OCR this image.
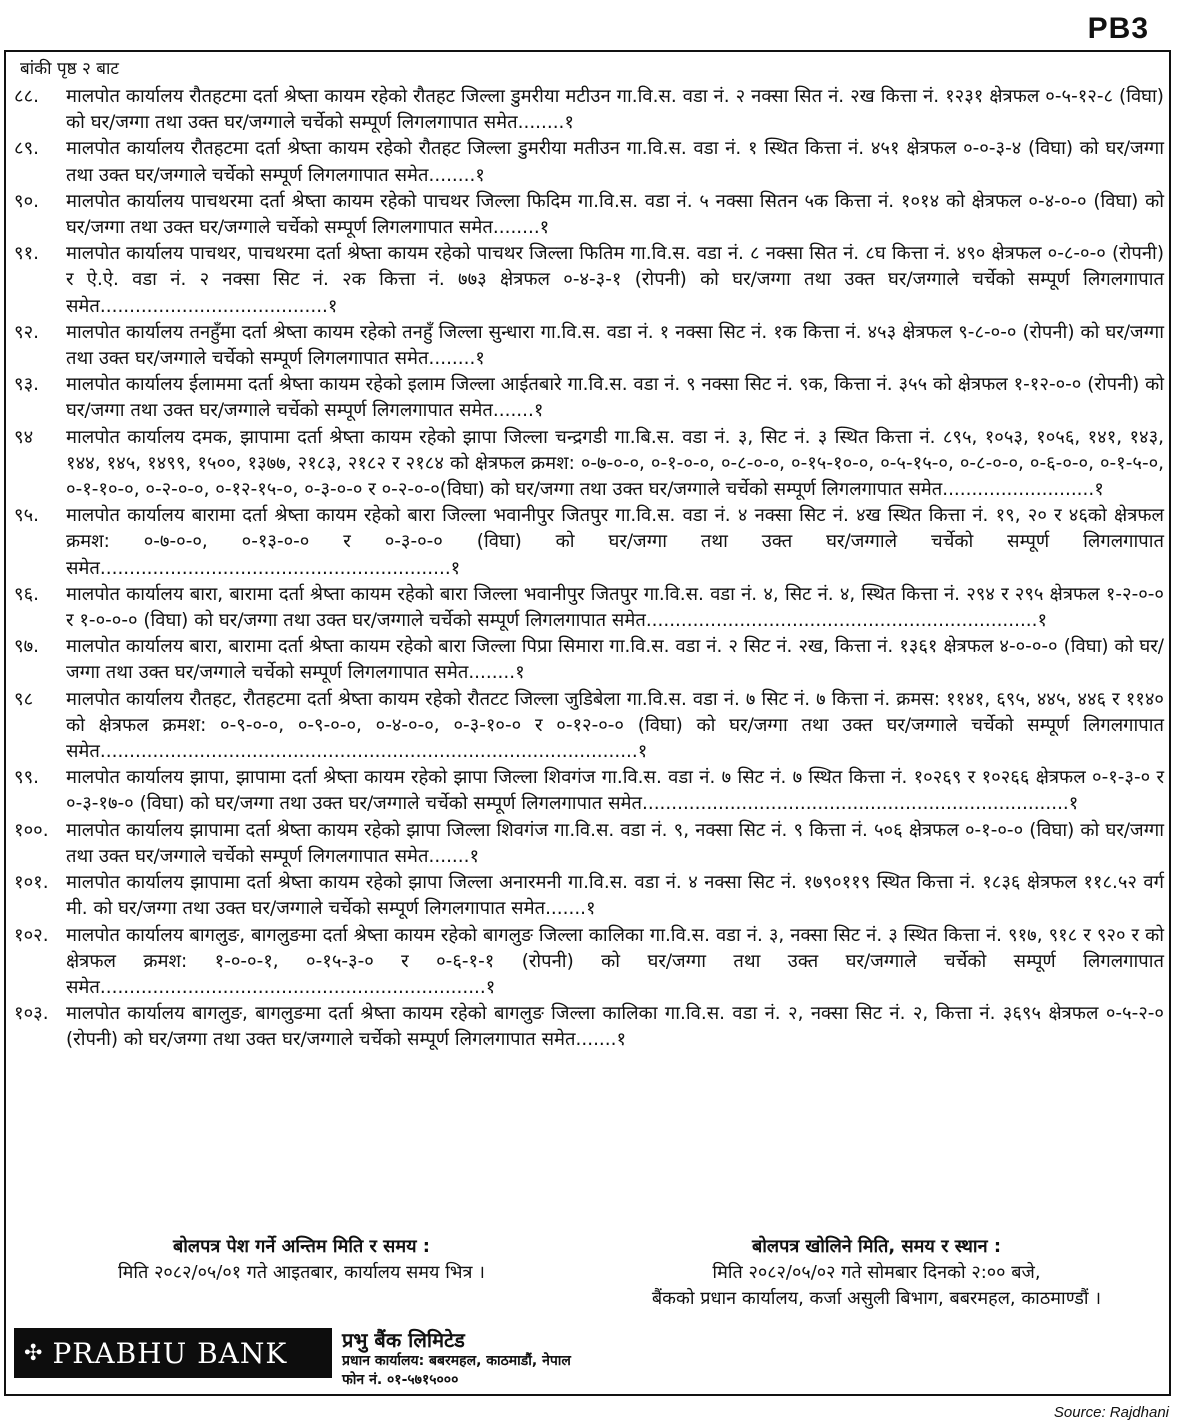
PB3
बांकी पृष्ठ २ बाट
८८.	मालपोत कार्यालय रौतहटमा दर्ता श्रेष्ता कायम रहेको रौतहट जिल्ला डुमरीया मटीउन गा.वि.स. वडा नं. २ नक्सा सित नं. २ख कित्ता नं. १२३१ क्षेत्रफल ०-५-१२-८ (विघा) को घर/जग्गा तथा उक्त घर/जग्गाले चर्चेको सम्पूर्ण लिगलगापात समेत........१
८९.	मालपोत कार्यालय रौतहटमा दर्ता श्रेष्ता कायम रहेको रौतहट जिल्ला डुमरीया मतीउन गा.वि.स. वडा नं. १ स्थित कित्ता नं. ४५१ क्षेत्रफल ०-०-३-४ (विघा) को घर/जग्गा तथा उक्त घर/जग्गाले चर्चेको सम्पूर्ण लिगलगापात समेत........१
९०.	मालपोत कार्यालय पाचथरमा दर्ता श्रेष्ता कायम रहेको पाचथर जिल्ला फिदिम गा.वि.स. वडा नं. ५ नक्सा सितन ५क कित्ता नं. १०१४ को क्षेत्रफल ०-४-०-० (विघा) को घर/जग्गा तथा उक्त घर/जग्गाले चर्चेको सम्पूर्ण लिगलगापात समेत........१
९१.	मालपोत कार्यालय पाचथर, पाचथरमा दर्ता श्रेष्ता कायम रहेको पाचथर जिल्ला फितिम गा.वि.स. वडा नं. ८ नक्सा सित नं. ८घ कित्ता नं. ४९० क्षेत्रफल ०-८-०-० (रोपनी) र ऐ.ऐ. वडा नं. २ नक्सा सिट नं. २क कित्ता नं. ७७३ क्षेत्रफल ०-४-३-१ (रोपनी) को घर/जग्गा तथा उक्त घर/जग्गाले चर्चेको सम्पूर्ण लिगलगापात समेत.......................................१
९२.	मालपोत कार्यालय तनहुँमा दर्ता श्रेष्ता कायम रहेको तनहुँ जिल्ला सुन्धारा गा.वि.स. वडा नं. १ नक्सा सिट नं. १क कित्ता नं. ४५३ क्षेत्रफल ९-८-०-० (रोपनी) को घर/जग्गा तथा उक्त घर/जग्गाले चर्चेको सम्पूर्ण लिगलगापात समेत........१
९३.	मालपोत कार्यालय ईलाममा दर्ता श्रेष्ता कायम रहेको इलाम जिल्ला आईतबारे गा.वि.स. वडा नं. ९ नक्सा सिट नं. ९क, कित्ता नं. ३५५ को क्षेत्रफल १-१२-०-० (रोपनी) को घर/जग्गा तथा उक्त घर/जग्गाले चर्चेको सम्पूर्ण लिगलगापात समेत.......१
९४	मालपोत कार्यालय दमक, झापामा दर्ता श्रेष्ता कायम रहेको झापा जिल्ला चन्द्रगडी गा.बि.स. वडा नं. ३, सिट नं. ३ स्थित कित्ता नं. ८९५, १०५३, १०५६, १४१, १४३, १४४, १४५, १४९९, १५००, १३७७, २१८३, २१८२ र २१८४ को क्षेत्रफल क्रमश: ०-७-०-०, ०-१-०-०, ०-८-०-०, ०-१५-१०-०, ०-५-१५-०, ०-८-०-०, ०-६-०-०, ०-१-५-०, ०-१-१०-०, ०-२-०-०, ०-१२-१५-०, ०-३-०-० र ०-२-०-०(विघा) को घर/जग्गा तथा उक्त घर/जग्गाले चर्चेको सम्पूर्ण लिगलगापात समेत..........................१
९५.	मालपोत कार्यालय बारामा दर्ता श्रेष्ता कायम रहेको बारा जिल्ला भवानीपुर जितपुर गा.वि.स. वडा नं. ४ नक्सा सिट नं. ४ख स्थित कित्ता नं. १९, २० र ४६को क्षेत्रफल क्रमश: ०-७-०-०, ०-१३-०-० र ०-३-०-० (विघा) को घर/जग्गा तथा उक्त घर/जग्गाले चर्चेको सम्पूर्ण लिगलगापात समेत............................................................१
९६.	मालपोत कार्यालय बारा, बारामा दर्ता श्रेष्ता कायम रहेको बारा जिल्ला भवानीपुर जितपुर गा.वि.स. वडा नं. ४, सिट नं. ४, स्थित कित्ता नं. २९४ र २९५ क्षेत्रफल १-२-०-० र १-०-०-० (विघा) को घर/जग्गा तथा उक्त घर/जग्गाले चर्चेको सम्पूर्ण लिगलगापात समेत...................................................................१
९७.	मालपोत कार्यालय बारा, बारामा दर्ता श्रेष्ता कायम रहेको बारा जिल्ला पिप्रा सिमारा गा.वि.स. वडा नं. २ सिट नं. २ख, कित्ता नं. १३६१ क्षेत्रफल ४-०-०-० (विघा) को घर/जग्गा तथा उक्त घर/जग्गाले चर्चेको सम्पूर्ण लिगलगापात समेत........१
९८	मालपोत कार्यालय रौतहट, रौतहटमा दर्ता श्रेष्ता कायम रहेको रौतटट जिल्ला जुडिबेला गा.वि.स. वडा नं. ७ सिट नं. ७ कित्ता नं. क्रमस: ११४१, ६९५, ४४५, ४४६ र ११४० को क्षेत्रफल क्रमश: ०-९-०-०, ०-९-०-०, ०-४-०-०, ०-३-१०-० र ०-१२-०-० (विघा) को घर/जग्गा तथा उक्त घर/जग्गाले चर्चेको सम्पूर्ण लिगलगापात समेत............................................................................................१
९९.	मालपोत कार्यालय झापा, झापामा दर्ता श्रेष्ता कायम रहेको झापा जिल्ला शिवगंज गा.वि.स. वडा नं. ७ सिट नं. ७ स्थित कित्ता नं. १०२६९ र १०२६६ क्षेत्रफल ०-१-३-० र ०-३-१७-० (विघा) को घर/जग्गा तथा उक्त घर/जग्गाले चर्चेको सम्पूर्ण लिगलगापात समेत.........................................................................१
१००. मालपोत कार्यालय झापामा दर्ता श्रेष्ता कायम रहेको झापा जिल्ला शिवगंज गा.वि.स. वडा नं. ९, नक्सा सिट नं. ९ कित्ता नं. ५०६ क्षेत्रफल ०-१-०-० (विघा) को घर/जग्गा तथा उक्त घर/जग्गाले चर्चेको सम्पूर्ण लिगलगापात समेत.......१
१०१. मालपोत कार्यालय झापामा दर्ता श्रेष्ता कायम रहेको झापा जिल्ला अनारमनी गा.वि.स. वडा नं. ४ नक्सा सिट नं. १७९०११९ स्थित कित्ता नं. १८३६ क्षेत्रफल ११८.५२ वर्ग मी. को घर/जग्गा तथा उक्त घर/जग्गाले चर्चेको सम्पूर्ण लिगलगापात समेत.......१
१०२. मालपोत कार्यालय बागलुङ, बागलुङमा दर्ता श्रेष्ता कायम रहेको बागलुङ जिल्ला कालिका गा.वि.स. वडा नं. ३, नक्सा सिट नं. ३ स्थित कित्ता नं. ९१७, ९१८ र ९२० र को क्षेत्रफल क्रमश: १-०-०-१, ०-१५-३-० र ०-६-१-१ (रोपनी) को घर/जग्गा तथा उक्त घर/जग्गाले चर्चेको सम्पूर्ण लिगलगापात समेत..................................................................१
१०३. मालपोत कार्यालय बागलुङ, बागलुङमा दर्ता श्रेष्ता कायम रहेको बागलुङ जिल्ला कालिका गा.वि.स. वडा नं. २, नक्सा सिट नं. २, कित्ता नं. ३६९५ क्षेत्रफल ०-५-२-० (रोपनी) को घर/जग्गा तथा उक्त घर/जग्गाले चर्चेको सम्पूर्ण लिगलगापात समेत.......१
बोलपत्र पेश गर्ने अन्तिम मिति र समय :

मिति २०८२/०५/०१ गते आइतबार, कार्यालय समय भित्र ।

बोलपत्र खोलिने मिति, समय र स्थान :

मिति २०८२/०५/०२ गते सोमबार दिनको २:०० बजे,

बैंकको प्रधान कार्यालय, कर्जा असुली बिभाग, बबरमहल, काठमाण्डौं ।

✣ PRABHU BANK	प्रभु बैंक लिमिटेड
प्रधान कार्यालय: बबरमहल, काठमाडौं, नेपाल
फोन नं. ०१-५७१५०००
Source: Rajdhani
